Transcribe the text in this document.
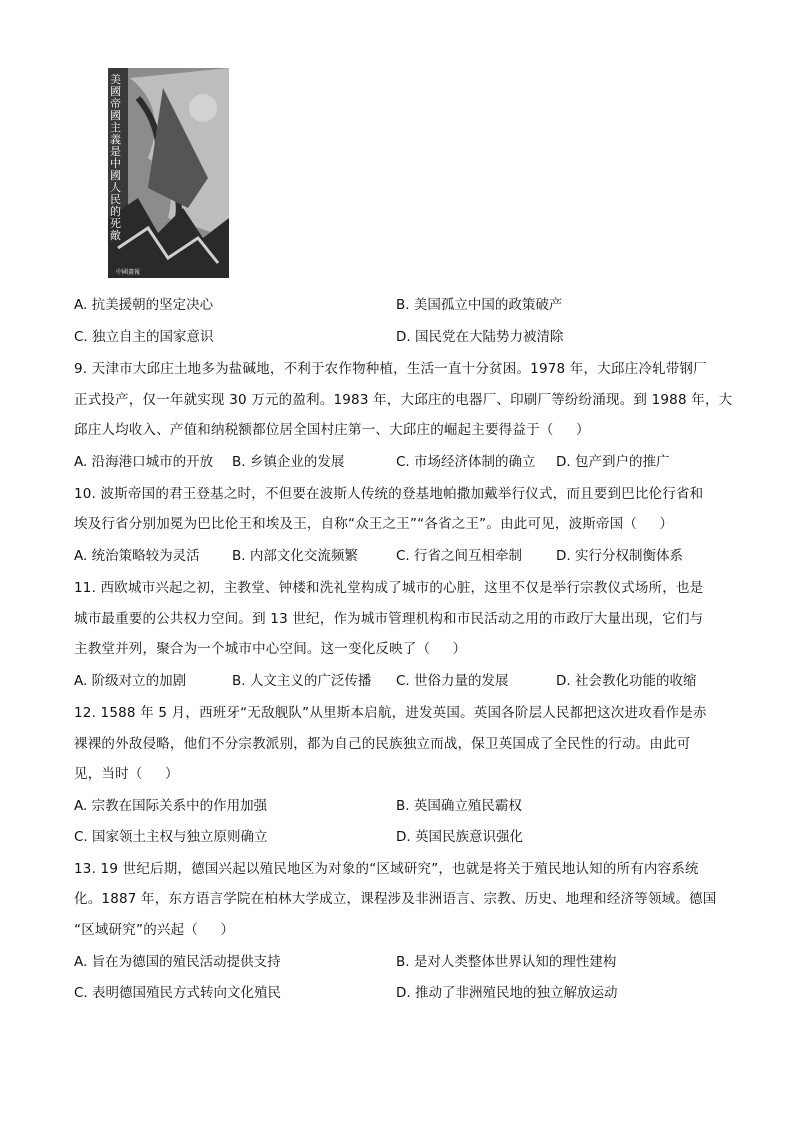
美國帝國主義是中國人民的死敵
中國畫報
A. 抗美援朝的坚定决心	B. 美国孤立中国的政策破产
C. 独立自主的国家意识	D. 国民党在大陆势力被清除
9. 天津市大邱庄土地多为盐碱地，不利于农作物种植，生活一直十分贫困。1978 年，大邱庄冷轧带钢厂
正式投产，仅一年就实现 30 万元的盈利。1983 年，大邱庄的电器厂、印刷厂等纷纷涌现。到 1988 年，大
邱庄人均收入、产值和纳税额都位居全国村庄第一、大邱庄的崛起主要得益于（     ）
A. 沿海港口城市的开放 B. 乡镇企业的发展	C. 市场经济体制的确立 D. 包产到户的推广
10. 波斯帝国的君王登基之时，不但要在波斯人传统的登基地帕撒加戴举行仪式，而且要到巴比伦行省和
埃及行省分别加冕为巴比伦王和埃及王，自称“众王之王”“各省之王”。由此可见，波斯帝国（     ）
A. 统治策略较为灵活 B. 内部文化交流频繁	C. 行省之间互相牵制	D. 实行分权制衡体系
11. 西欧城市兴起之初，主教堂、钟楼和洗礼堂构成了城市的心脏，这里不仅是举行宗教仪式场所，也是
城市最重要的公共权力空间。到 13 世纪，作为城市管理机构和市民活动之用的市政厅大量出现，它们与
主教堂并列，聚合为一个城市中心空间。这一变化反映了（     ）
A. 阶级对立的加剧	B. 人文主义的广泛传播 C. 世俗力量的发展	D. 社会教化功能的收缩
12. 1588 年 5 月，西班牙“无敌舰队”从里斯本启航，进发英国。英国各阶层人民都把这次进攻看作是赤
裸裸的外敌侵略，他们不分宗教派别，都为自己的民族独立而战，保卫英国成了全民性的行动。由此可
见，当时（     ）
A. 宗教在国际关系中的作用加强	B. 英国确立殖民霸权
C. 国家领土主权与独立原则确立	D. 英国民族意识强化
13. 19 世纪后期，德国兴起以殖民地区为对象的“区域研究”，也就是将关于殖民地认知的所有内容系统
化。1887 年，东方语言学院在柏林大学成立，课程涉及非洲语言、宗教、历史、地理和经济等领域。德国
“区域研究”的兴起（     ）
A. 旨在为德国的殖民活动提供支持	B. 是对人类整体世界认知的理性建构
C. 表明德国殖民方式转向文化殖民	D. 推动了非洲殖民地的独立解放运动
